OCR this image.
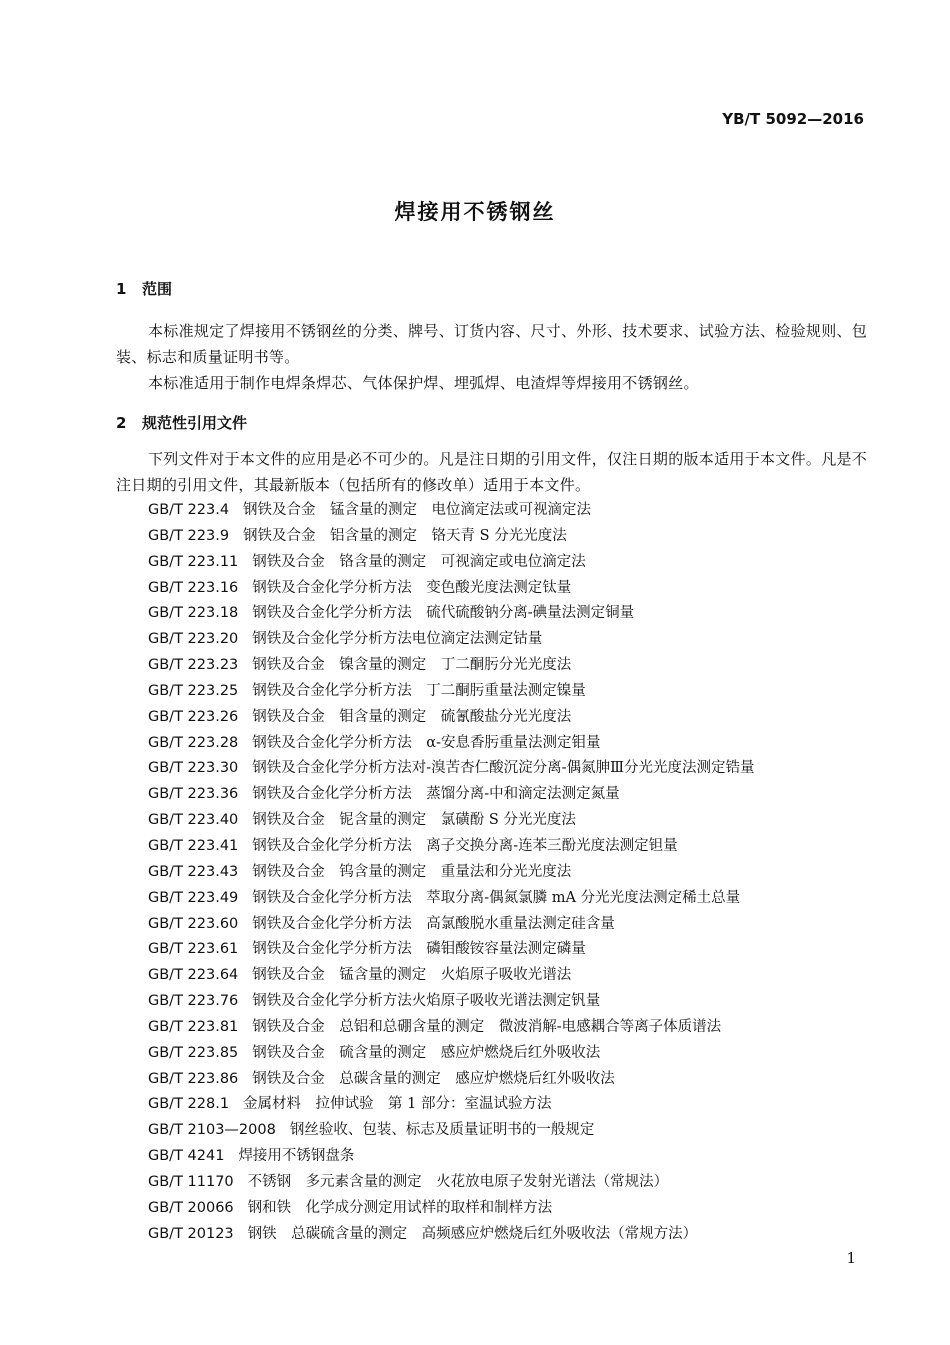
YB/T 5092—2016
焊接用不锈钢丝
1 范围
本标准规定了焊接用不锈钢丝的分类、牌号、订货内容、尺寸、外形、技术要求、试验方法、检验规则、包装、标志和质量证明书等。
本标准适用于制作电焊条焊芯、气体保护焊、埋弧焊、电渣焊等焊接用不锈钢丝。
2 规范性引用文件
下列文件对于本文件的应用是必不可少的。凡是注日期的引用文件，仅注日期的版本适用于本文件。凡是不注日期的引用文件，其最新版本（包括所有的修改单）适用于本文件。
GB/T 223.4 钢铁及合金　锰含量的测定　电位滴定法或可视滴定法
GB/T 223.9 钢铁及合金　铝含量的测定　铬天青 S 分光光度法
GB/T 223.11 钢铁及合金　铬含量的测定　可视滴定或电位滴定法
GB/T 223.16 钢铁及合金化学分析方法　变色酸光度法测定钛量
GB/T 223.18 钢铁及合金化学分析方法　硫代硫酸钠分离-碘量法测定铜量
GB/T 223.20 钢铁及合金化学分析方法电位滴定法测定钴量
GB/T 223.23 钢铁及合金　镍含量的测定　丁二酮肟分光光度法
GB/T 223.25 钢铁及合金化学分析方法　丁二酮肟重量法测定镍量
GB/T 223.26 钢铁及合金　钼含量的测定　硫氰酸盐分光光度法
GB/T 223.28 钢铁及合金化学分析方法　α-安息香肟重量法测定钼量
GB/T 223.30 钢铁及合金化学分析方法对-溴苦杏仁酸沉淀分离-偶氮胂Ⅲ分光光度法测定锆量
GB/T 223.36 钢铁及合金化学分析方法　蒸馏分离-中和滴定法测定氮量
GB/T 223.40 钢铁及合金　铌含量的测定　氯磺酚 S 分光光度法
GB/T 223.41 钢铁及合金化学分析方法　离子交换分离-连苯三酚光度法测定钽量
GB/T 223.43 钢铁及合金　钨含量的测定　重量法和分光光度法
GB/T 223.49 钢铁及合金化学分析方法　萃取分离-偶氮氯膦 mA 分光光度法测定稀土总量
GB/T 223.60 钢铁及合金化学分析方法　高氯酸脱水重量法测定硅含量
GB/T 223.61 钢铁及合金化学分析方法　磷钼酸铵容量法测定磷量
GB/T 223.64 钢铁及合金　锰含量的测定　火焰原子吸收光谱法
GB/T 223.76 钢铁及合金化学分析方法火焰原子吸收光谱法测定钒量
GB/T 223.81 钢铁及合金　总铝和总硼含量的测定　微波消解-电感耦合等离子体质谱法
GB/T 223.85 钢铁及合金　硫含量的测定　感应炉燃烧后红外吸收法
GB/T 223.86 钢铁及合金　总碳含量的测定　感应炉燃烧后红外吸收法
GB/T 228.1 金属材料　拉伸试验　第 1 部分：室温试验方法
GB/T 2103—2008 钢丝验收、包装、标志及质量证明书的一般规定
GB/T 4241 焊接用不锈钢盘条
GB/T 11170 不锈钢　多元素含量的测定　火花放电原子发射光谱法（常规法）
GB/T 20066 钢和铁　化学成分测定用试样的取样和制样方法
GB/T 20123 钢铁　总碳硫含量的测定　高频感应炉燃烧后红外吸收法（常规方法）
1
